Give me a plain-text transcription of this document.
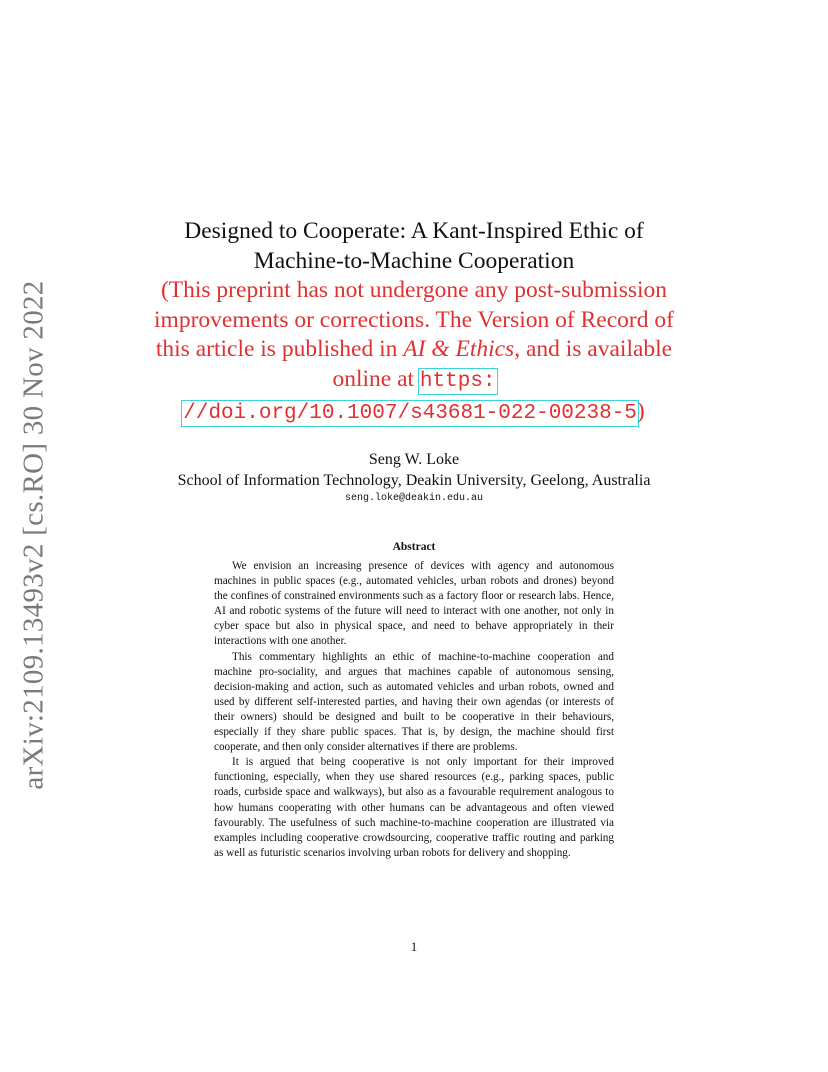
arXiv:2109.13493v2 [cs.RO] 30 Nov 2022
Designed to Cooperate: A Kant-Inspired Ethic of
Machine-to-Machine Cooperation
(This preprint has not undergone any post-submission improvements or corrections. The Version of Record of this article is published in AI & Ethics, and is available online at https:
//doi.org/10.1007/s43681-022-00238-5)
Seng W. Loke
School of Information Technology, Deakin University, Geelong, Australia
seng.loke@deakin.edu.au
Abstract

We envision an increasing presence of devices with agency and autonomous machines in public spaces (e.g., automated vehicles, urban robots and drones) beyond the confines of constrained environments such as a factory floor or research labs. Hence, AI and robotic systems of the future will need to interact with one another, not only in cyber space but also in physical space, and need to behave appropriately in their interactions with one another.

This commentary highlights an ethic of machine-to-machine cooperation and machine pro-sociality, and argues that machines capable of autonomous sensing, decision-making and action, such as automated vehicles and urban robots, owned and used by different self-interested parties, and having their own agendas (or interests of their owners) should be designed and built to be cooperative in their behaviours, especially if they share public spaces. That is, by design, the machine should first cooperate, and then only consider alternatives if there are problems.

It is argued that being cooperative is not only important for their improved functioning, especially, when they use shared resources (e.g., parking spaces, public roads, curbside space and walkways), but also as a favourable requirement analogous to how humans cooperating with other humans can be advantageous and often viewed favourably. The usefulness of such machine-to-machine cooperation are illustrated via examples including cooperative crowdsourcing, cooperative traffic routing and parking as well as futuristic scenarios involving urban robots for delivery and shopping.

1
